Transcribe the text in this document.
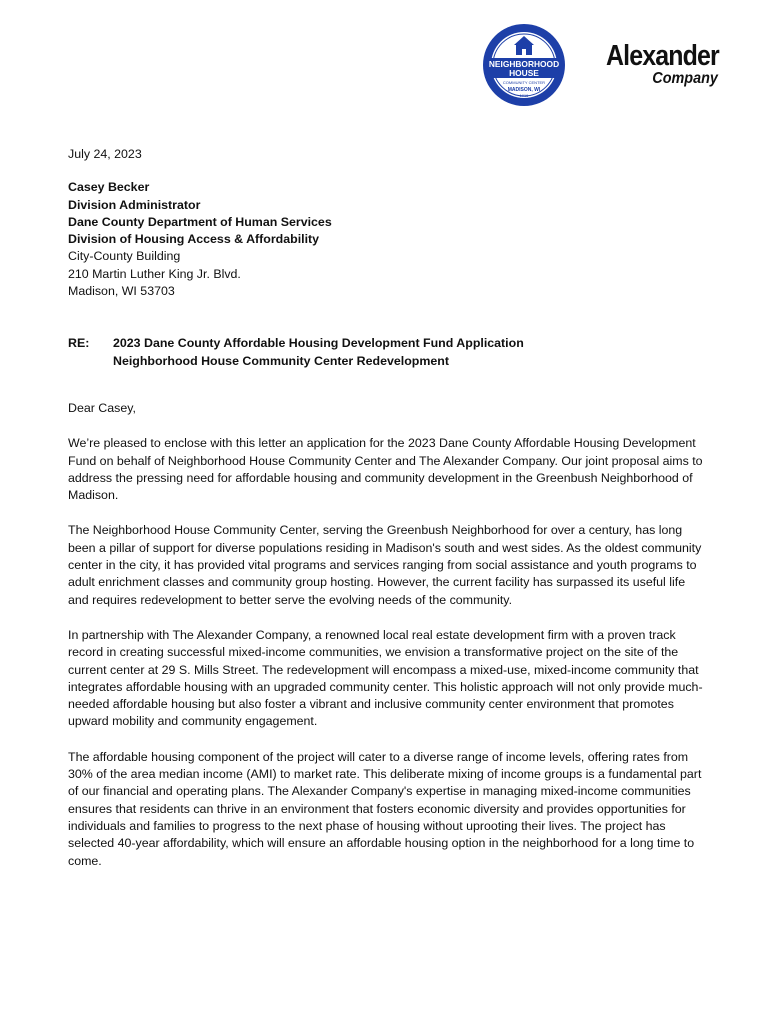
NEIGHBORHOOD
HOUSE
COMMUNITY CENTER
MADISON, WI
1916
Alexander
Company
July 24, 2023
Casey Becker
Division Administrator
Dane County Department of Human Services
Division of Housing Access & Affordability
City-County Building
210 Martin Luther King Jr. Blvd.
Madison, WI 53703
RE:	2023 Dane County Affordable Housing Development Fund Application
Neighborhood House Community Center Redevelopment
Dear Casey,

We’re pleased to enclose with this letter an application for the 2023 Dane County Affordable Housing Development Fund on behalf of Neighborhood House Community Center and The Alexander Company. Our joint proposal aims to address the pressing need for affordable housing and community development in the Greenbush Neighborhood of Madison.

The Neighborhood House Community Center, serving the Greenbush Neighborhood for over a century, has long been a pillar of support for diverse populations residing in Madison's south and west sides. As the oldest community center in the city, it has provided vital programs and services ranging from social assistance and youth programs to adult enrichment classes and community group hosting. However, the current facility has surpassed its useful life and requires redevelopment to better serve the evolving needs of the community.

In partnership with The Alexander Company, a renowned local real estate development firm with a proven track record in creating successful mixed-income communities, we envision a transformative project on the site of the current center at 29 S. Mills Street. The redevelopment will encompass a mixed-use, mixed-income community that integrates affordable housing with an upgraded community center. This holistic approach will not only provide much-needed affordable housing but also foster a vibrant and inclusive community center environment that promotes upward mobility and community engagement.

The affordable housing component of the project will cater to a diverse range of income levels, offering rates from 30% of the area median income (AMI) to market rate. This deliberate mixing of income groups is a fundamental part of our financial and operating plans. The Alexander Company's expertise in managing mixed-income communities ensures that residents can thrive in an environment that fosters economic diversity and provides opportunities for individuals and families to progress to the next phase of housing without uprooting their lives. The project has selected 40-year affordability, which will ensure an affordable housing option in the neighborhood for a long time to come.
